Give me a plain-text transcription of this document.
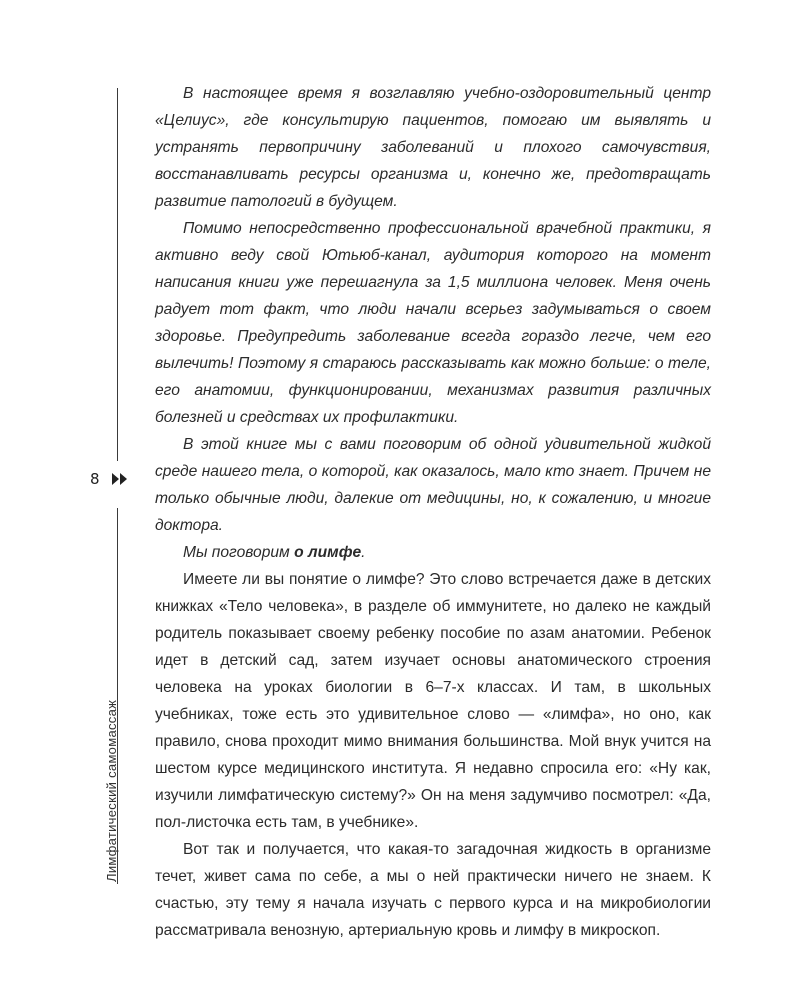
8
Лимфатический самомассаж
В настоящее время я возглавляю учебно-оздоровительный центр «Целиус», где консультирую пациентов, помогаю им выявлять и устранять первопричину заболеваний и плохого самочувствия, восстанавливать ресурсы организма и, конечно же, предотвращать развитие патологий в будущем.
Помимо непосредственно профессиональной врачебной практики, я активно веду свой Ютьюб-канал, аудитория которого на момент написания книги уже перешагнула за 1,5 миллиона человек. Меня очень радует тот факт, что люди начали всерьез задумываться о своем здоровье. Предупредить заболевание всегда гораздо легче, чем его вылечить! Поэтому я стараюсь рассказывать как можно больше: о теле, его анатомии, функционировании, механизмах развития различных болезней и средствах их профилактики.
В этой книге мы с вами поговорим об одной удивительной жидкой среде нашего тела, о которой, как оказалось, мало кто знает. Причем не только обычные люди, далекие от медицины, но, к сожалению, и многие доктора.
Мы поговорим о лимфе.
Имеете ли вы понятие о лимфе? Это слово встречается даже в детских книжках «Тело человека», в разделе об иммунитете, но далеко не каждый родитель показывает своему ребенку пособие по азам анатомии. Ребенок идет в детский сад, затем изучает основы анатомического строения человека на уроках биологии в 6–7-х классах. И там, в школьных учебниках, тоже есть это удивительное слово — «лимфа», но оно, как правило, снова проходит мимо внимания большинства. Мой внук учится на шестом курсе медицинского института. Я недавно спросила его: «Ну как, изучили лимфатическую систему?» Он на меня задумчиво посмотрел: «Да, пол-листочка есть там, в учебнике».
Вот так и получается, что какая-то загадочная жидкость в организме течет, живет сама по себе, а мы о ней практически ничего не знаем. К счастью, эту тему я начала изучать с первого курса и на микробиологии рассматривала венозную, артериальную кровь и лимфу в микроскоп.
